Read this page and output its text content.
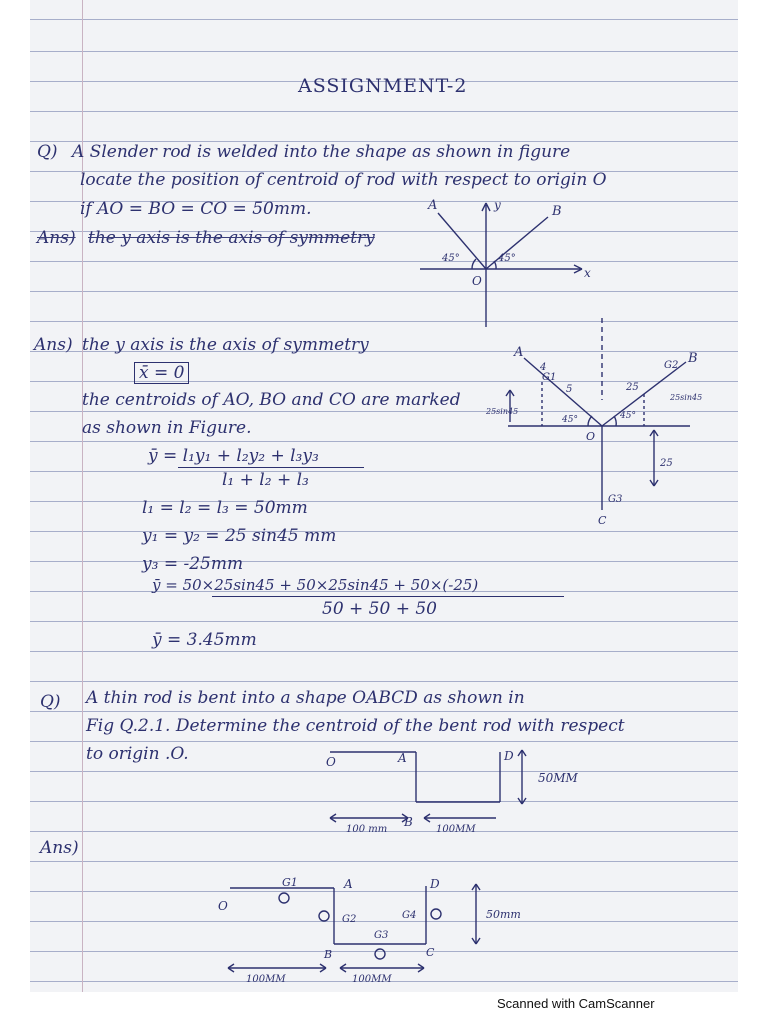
ASSIGNMENT-2
Q) A Slender rod is welded into the shape as shown in figure
locate the position of centroid of rod with respect to origin O
if AO = BO = CO = 50mm.
Ans) the y axis is the axis of symmetry
A	B
O
y
x
45°	45°
Ans) the y axis is the axis of symmetry
x̄ = 0
the centroids of AO, BO and CO are marked
as shown in Figure.
ȳ = l₁y₁ + l₂y₂ + l₃y₃
l₁ + l₂ + l₃
l₁ = l₂ = l₃ = 50mm
y₁ = y₂ = 25 sin45 mm
y₃ = -25mm
ȳ = 50×25sin45 + 50×25sin45 + 50×(-25)
50 + 50 + 50
ȳ = 3.45mm
A	B
O
C
G1
G2
G3
4
5	25
45°	45°
25sin45
25sin45
25
Q) A thin rod is bent into a shape OABCD as shown in
Fig Q.2.1. Determine the centroid of the bent rod with respect
to origin .O.	O	A
B
D
50MM
100 mm	100MM
Ans)
O
A
B	C
D
G1
G2
G3
G4	50mm
100MM	100MM
Scanned with CamScanner
